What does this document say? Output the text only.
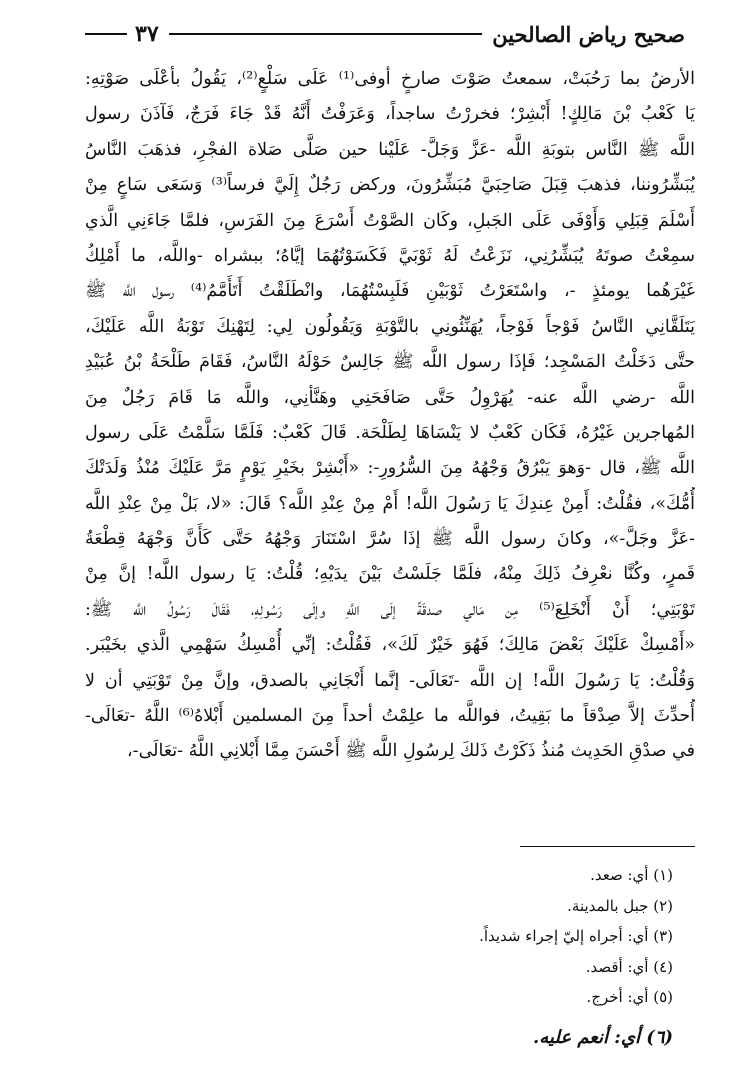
صحيح رياض الصالحين
٣٧
الأرضُ بما رَحُبَتْ، سمعتُ صَوْتَ صارخٍ أوفى⁽¹⁾ عَلَى سَلْعٍ⁽²⁾، يَقُولُ بأعْلَى صَوْتِهِ:
يَا كَعْبُ بْنَ مَالِكٍ! أَبْشِرْ؛ فخررْتُ ساجداً، وَعَرَفْتُ أَنَّهُ قَدْ جَاءَ فَرَجٌ، فَآذَنَ رسول
اللَّه ﷺ النَّاس بتوبَةِ اللَّه -عَزَّ وَجَلَّ- عَلَيْنا حين صَلَّى صَلاة الفجْرِ، فذهَبَ النَّاسُ
يُبَشِّرُوننا، فذهبَ قِبَلَ صَاحِبَيَّ مُبَشِّرُونَ، وركض رَجُلٌ إِلَيَّ فرساً⁽³⁾ وَسَعَى سَاعٍ مِنْ
أَسْلَمَ قِبَلِي وَأَوْفَى عَلَى الجَبلِ، وكَان الصَّوْتُ أَسْرَعَ مِنَ الفَرَسِ، فلمَّا جَاءَنِي الَّذي
سمِعْتُ صوتَهُ يُبَشِّرُنِي، نَزَعْتُ لَهُ ثَوْبَيَّ فَكَسَوْتُهُمَا إيَّاهُ؛ ببشراه -واللَّه، ما أَمْلِكُ
غَيْرَهُما يومئذٍ -، واسْتَعَرْتُ ثَوْبَيْنِ فَلَبِسْتُهُمَا، وانْطَلَقْتُ أَتَأَمَّمُ⁽⁴⁾ رسول اللَّه ﷺ
يَتَلَقَّانِي النَّاسُ فَوْجاً فَوْجاً، يُهَنِّئُونِي بالتَّوْبَةِ وَيَقُولُون لِي: لِتَهْنِكَ تَوْبَةُ اللَّه عَلَيْكَ،
حتَّى دَخَلْتُ المَسْجِد؛ فَإذَا رسول اللَّه ﷺ جَالِسٌ حَوْلَهُ النَّاسُ، فَقَامَ طَلْحَةُ بْنُ عُبَيْدِ
اللَّه -رضي اللَّه عنه- يُهَرْوِلُ حَتَّى صَافَحَنِي وهَنَّأنِي، واللَّه مَا قَامَ رَجُلٌ مِنَ
المُهاجرين غَيْرُهُ، فَكَان كَعْبٌ لا يَنْسَاهَا لِطَلْحَة. قَالَ كَعْبٌ: فَلَمَّا سَلَّمْتُ عَلَى رسول
اللَّه ﷺ، قال -وَهوَ يَبْرُقُ وَجْهُهُ مِنَ السُّرُورِ-: «أَبْشِرْ بخَيْرِ يَوْمٍ مَرَّ عَلَيْكَ مُنْذُ وَلَدَتْكَ
أُمُّكَ»، فقُلْتُ: أَمِنْ عِندِكَ يَا رَسُولَ اللَّه! أَمْ مِنْ عِنْدِ اللَّه؟ قَالَ: «لا، بَلْ مِنْ عِنْدِ اللَّه
-عَزَّ وجَلَّ-»، وكانَ رسول اللَّه ﷺ إذَا سُرَّ اسْتَنَارَ وَجْهُهُ حَتَّى كَأَنَّ وَجْهَهُ قِطْعَةُ
قَمرٍ، وكُنَّا نعْرِفُ ذَلِكَ مِنْهُ، فلَمَّا جَلَسْتُ بَيْنَ يدَيْهِ؛ قُلْتُ: يَا رسول اللَّه! إنَّ مِنْ
تَوْبَتِي؛ أَنْ أَنْخَلِعَ⁽⁵⁾ مِن مَالي صدقَةً إلَى اللَّهِ وإلَى رَسُولِهِ، فَقَالَ رَسُولُ اللَّه ﷺ:
«أَمْسِكْ عَلَيْكَ بَعْضَ مَالِكَ؛ فَهُوَ خَيْرٌ لَكَ»، فَقُلْتُ: إنِّي أُمْسِكُ سَهْمِي الَّذي بخَيْبَر.
وَقُلْتُ: يَا رَسُولَ اللَّه! إن اللَّه -تَعَالَى- إنَّما أَنْجَانِي بالصدق، وإنَّ مِنْ تَوْبَتِي أن لا
أُحدِّثَ إلاَّ صِدْقاً ما بَقِيتُ، فواللَّه ما علِمْتُ أحداً مِنَ المسلمين أَبْلاهُ⁽⁶⁾ اللَّهُ -تعَالَى-
في صدْقِ الحَدِيث مُنذُ ذَكَرْتُ ذَلكَ لِرسُولِ اللَّه ﷺ أَحْسَنَ مِمَّا أَبْلانِي اللَّهُ -تعَالَى-،
(١) أي: صعد.
(٢) جبل بالمدينة.
(٣) أي: أجراه إليّ إجراء شديداً.
(٤) أي: أقصد.
(٥) أي: أخرج.
(٦) أي: أنعم عليه.
